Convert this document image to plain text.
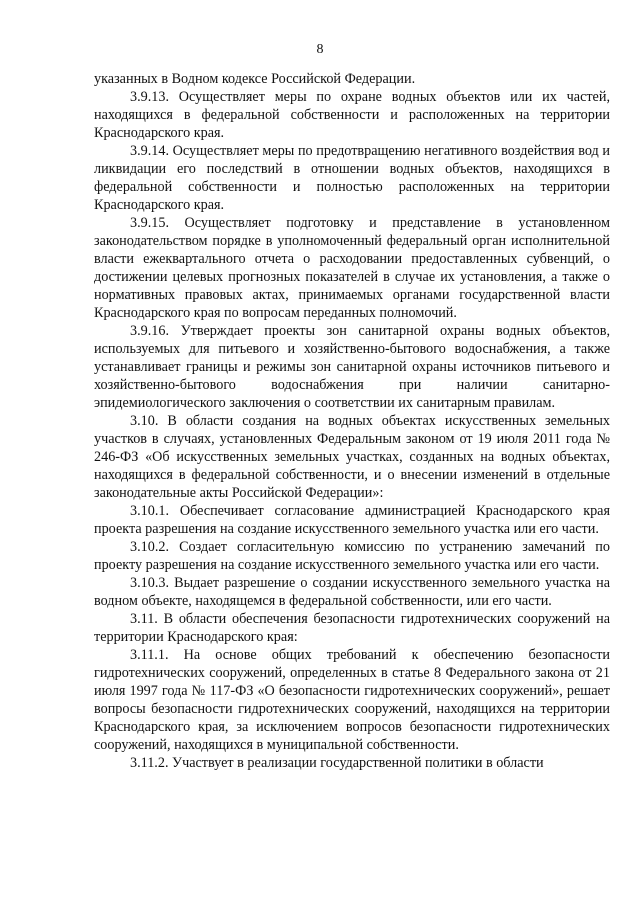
8

указанных в Водном кодексе Российской Федерации.

3.9.13. Осуществляет меры по охране водных объектов или их частей, находящихся в федеральной собственности и расположенных на территории Краснодарского края.

3.9.14. Осуществляет меры по предотвращению негативного воздействия вод и ликвидации его последствий в отношении водных объектов, находящихся в федеральной собственности и полностью расположенных на территории Краснодарского края.

3.9.15. Осуществляет подготовку и представление в установленном законодательством порядке в уполномоченный федеральный орган исполнительной власти ежеквартального отчета о расходовании предоставленных субвенций, о достижении целевых прогнозных показателей в случае их установления, а также о нормативных правовых актах, принимаемых органами государственной власти Краснодарского края по вопросам переданных полномочий.

3.9.16. Утверждает проекты зон санитарной охраны водных объектов, используемых для питьевого и хозяйственно-бытового водоснабжения, а также устанавливает границы и режимы зон санитарной охраны источников питьевого и хозяйственно-бытового водоснабжения при наличии санитарно-эпидемиологического заключения о соответствии их санитарным правилам.

3.10. В области создания на водных объектах искусственных земельных участков в случаях, установленных Федеральным законом от 19 июля 2011 года № 246-ФЗ «Об искусственных земельных участках, созданных на водных объектах, находящихся в федеральной собственности, и о внесении изменений в отдельные законодательные акты Российской Федерации»:

3.10.1. Обеспечивает согласование администрацией Краснодарского края проекта разрешения на создание искусственного земельного участка или его части.

3.10.2. Создает согласительную комиссию по устранению замечаний по проекту разрешения на создание искусственного земельного участка или его части.

3.10.3. Выдает разрешение о создании искусственного земельного участка на водном объекте, находящемся в федеральной собственности, или его части.

3.11. В области обеспечения безопасности гидротехнических сооружений на территории Краснодарского края:

3.11.1. На основе общих требований к обеспечению безопасности гидротехнических сооружений, определенных в статье 8 Федерального закона от 21 июля 1997 года № 117-ФЗ «О безопасности гидротехнических сооружений», решает вопросы безопасности гидротехнических сооружений, находящихся на территории Краснодарского края, за исключением вопросов безопасности гидротехнических сооружений, находящихся в муниципальной собственности.

3.11.2. Участвует в реализации государственной политики в области
